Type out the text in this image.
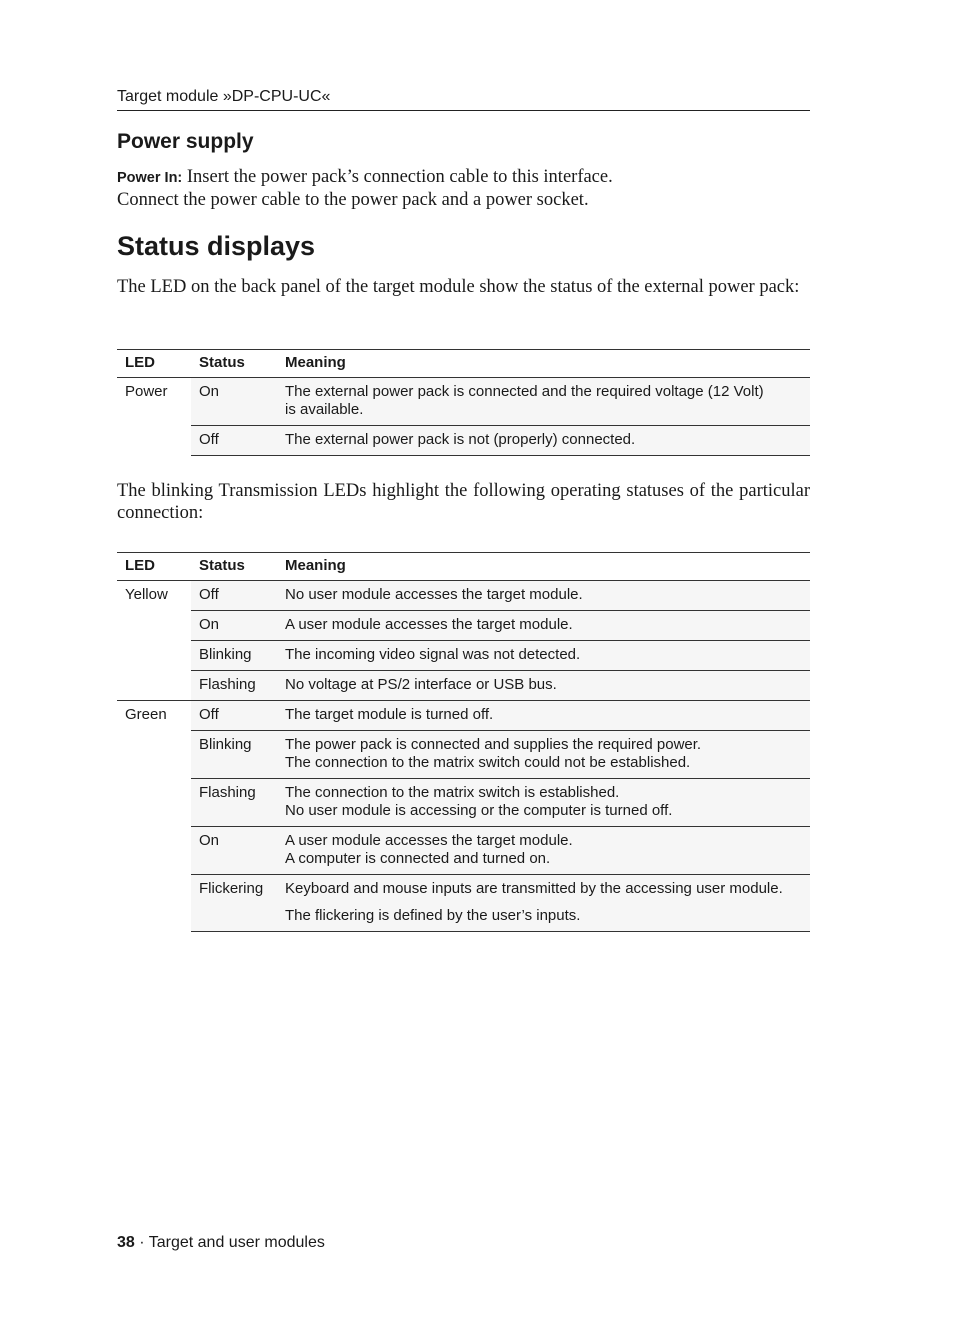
Target module »DP-CPU-UC«
Power supply
Power In: Insert the power pack’s connection cable to this interface.
Connect the power cable to the power pack and a power socket.
Status displays

The LED on the back panel of the target module show the status of the external power pack:

LED	Status	Meaning
Power	On	The external power pack is connected and the required voltage (12 Volt)
is available.

	Off	The external power pack is not (properly) connected.

The blinking Transmission LEDs highlight the following operating statuses of the particular connection:

LED	Status	Meaning
Yellow	Off	No user module accesses the target module.

	On	A user module accesses the target module.

	Blinking	The incoming video signal was not detected.

	Flashing	No voltage at PS/2 interface or USB bus.

Green	Off	The target module is turned off.

	Blinking	The power pack is connected and supplies the required power.
The connection to the matrix switch could not be established.

	Flashing	The connection to the matrix switch is established.
No user module is accessing or the computer is turned off.

	On	A user module accesses the target module.
A computer is connected and turned on.

	Flickering	Keyboard and mouse inputs are transmitted by the accessing user module.
The flickering is defined by the user’s inputs.
38 · Target and user modules
